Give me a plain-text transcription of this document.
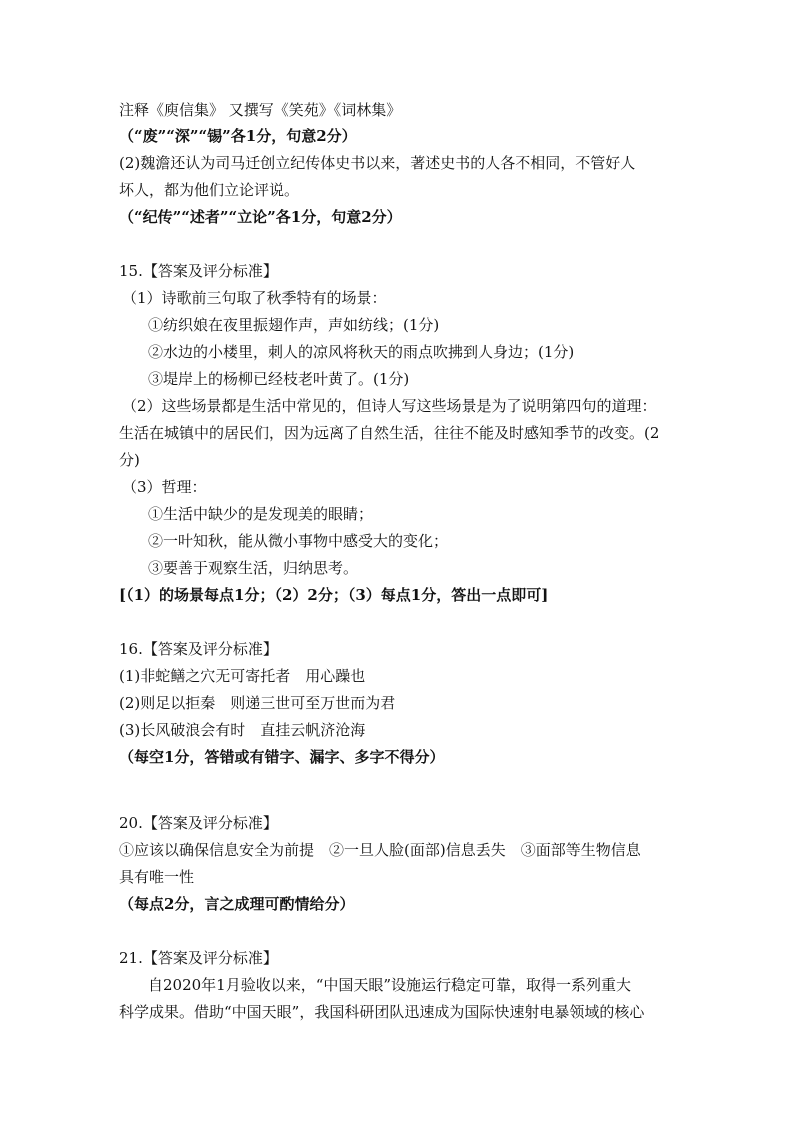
注释《庾信集》 又撰写《笑苑》《词林集》
（“废”“深”“锡”各1分，句意2分）
(2)魏澹还认为司马迁创立纪传体史书以来，著述史书的人各不相同，不管好人
坏人，都为他们立论评说。
（“纪传”“述者”“立论”各1分，句意2分）
15.【答案及评分标准】
（1）诗歌前三句取了秋季特有的场景：
①纺织娘在夜里振翅作声，声如纺线；(1分)
②水边的小楼里，刺人的凉风将秋天的雨点吹拂到人身边；(1分)
③堤岸上的杨柳已经枝老叶黄了。(1分)
（2）这些场景都是生活中常见的，但诗人写这些场景是为了说明第四句的道理：
生活在城镇中的居民们，因为远离了自然生活，往往不能及时感知季节的改变。(2
分)
（3）哲理：
①生活中缺少的是发现美的眼睛；
②一叶知秋，能从微小事物中感受大的变化；
③要善于观察生活，归纳思考。
[（1）的场景每点1分；（2）2分；（3）每点1分，答出一点即可]
16.【答案及评分标准】
(1)非蛇鳝之穴无可寄托者　用心躁也
(2)则足以拒秦　则递三世可至万世而为君
(3)长风破浪会有时　直挂云帆济沧海
（每空1分，答错或有错字、漏字、多字不得分）
20.【答案及评分标准】
①应该以确保信息安全为前提　②一旦人脸(面部)信息丢失　③面部等生物信息
具有唯一性
（每点2分，言之成理可酌情给分）
21.【答案及评分标准】
自2020年1月验收以来，“中国天眼”设施运行稳定可靠，取得一系列重大
科学成果。借助“中国天眼”，我国科研团队迅速成为国际快速射电暴领域的核心
